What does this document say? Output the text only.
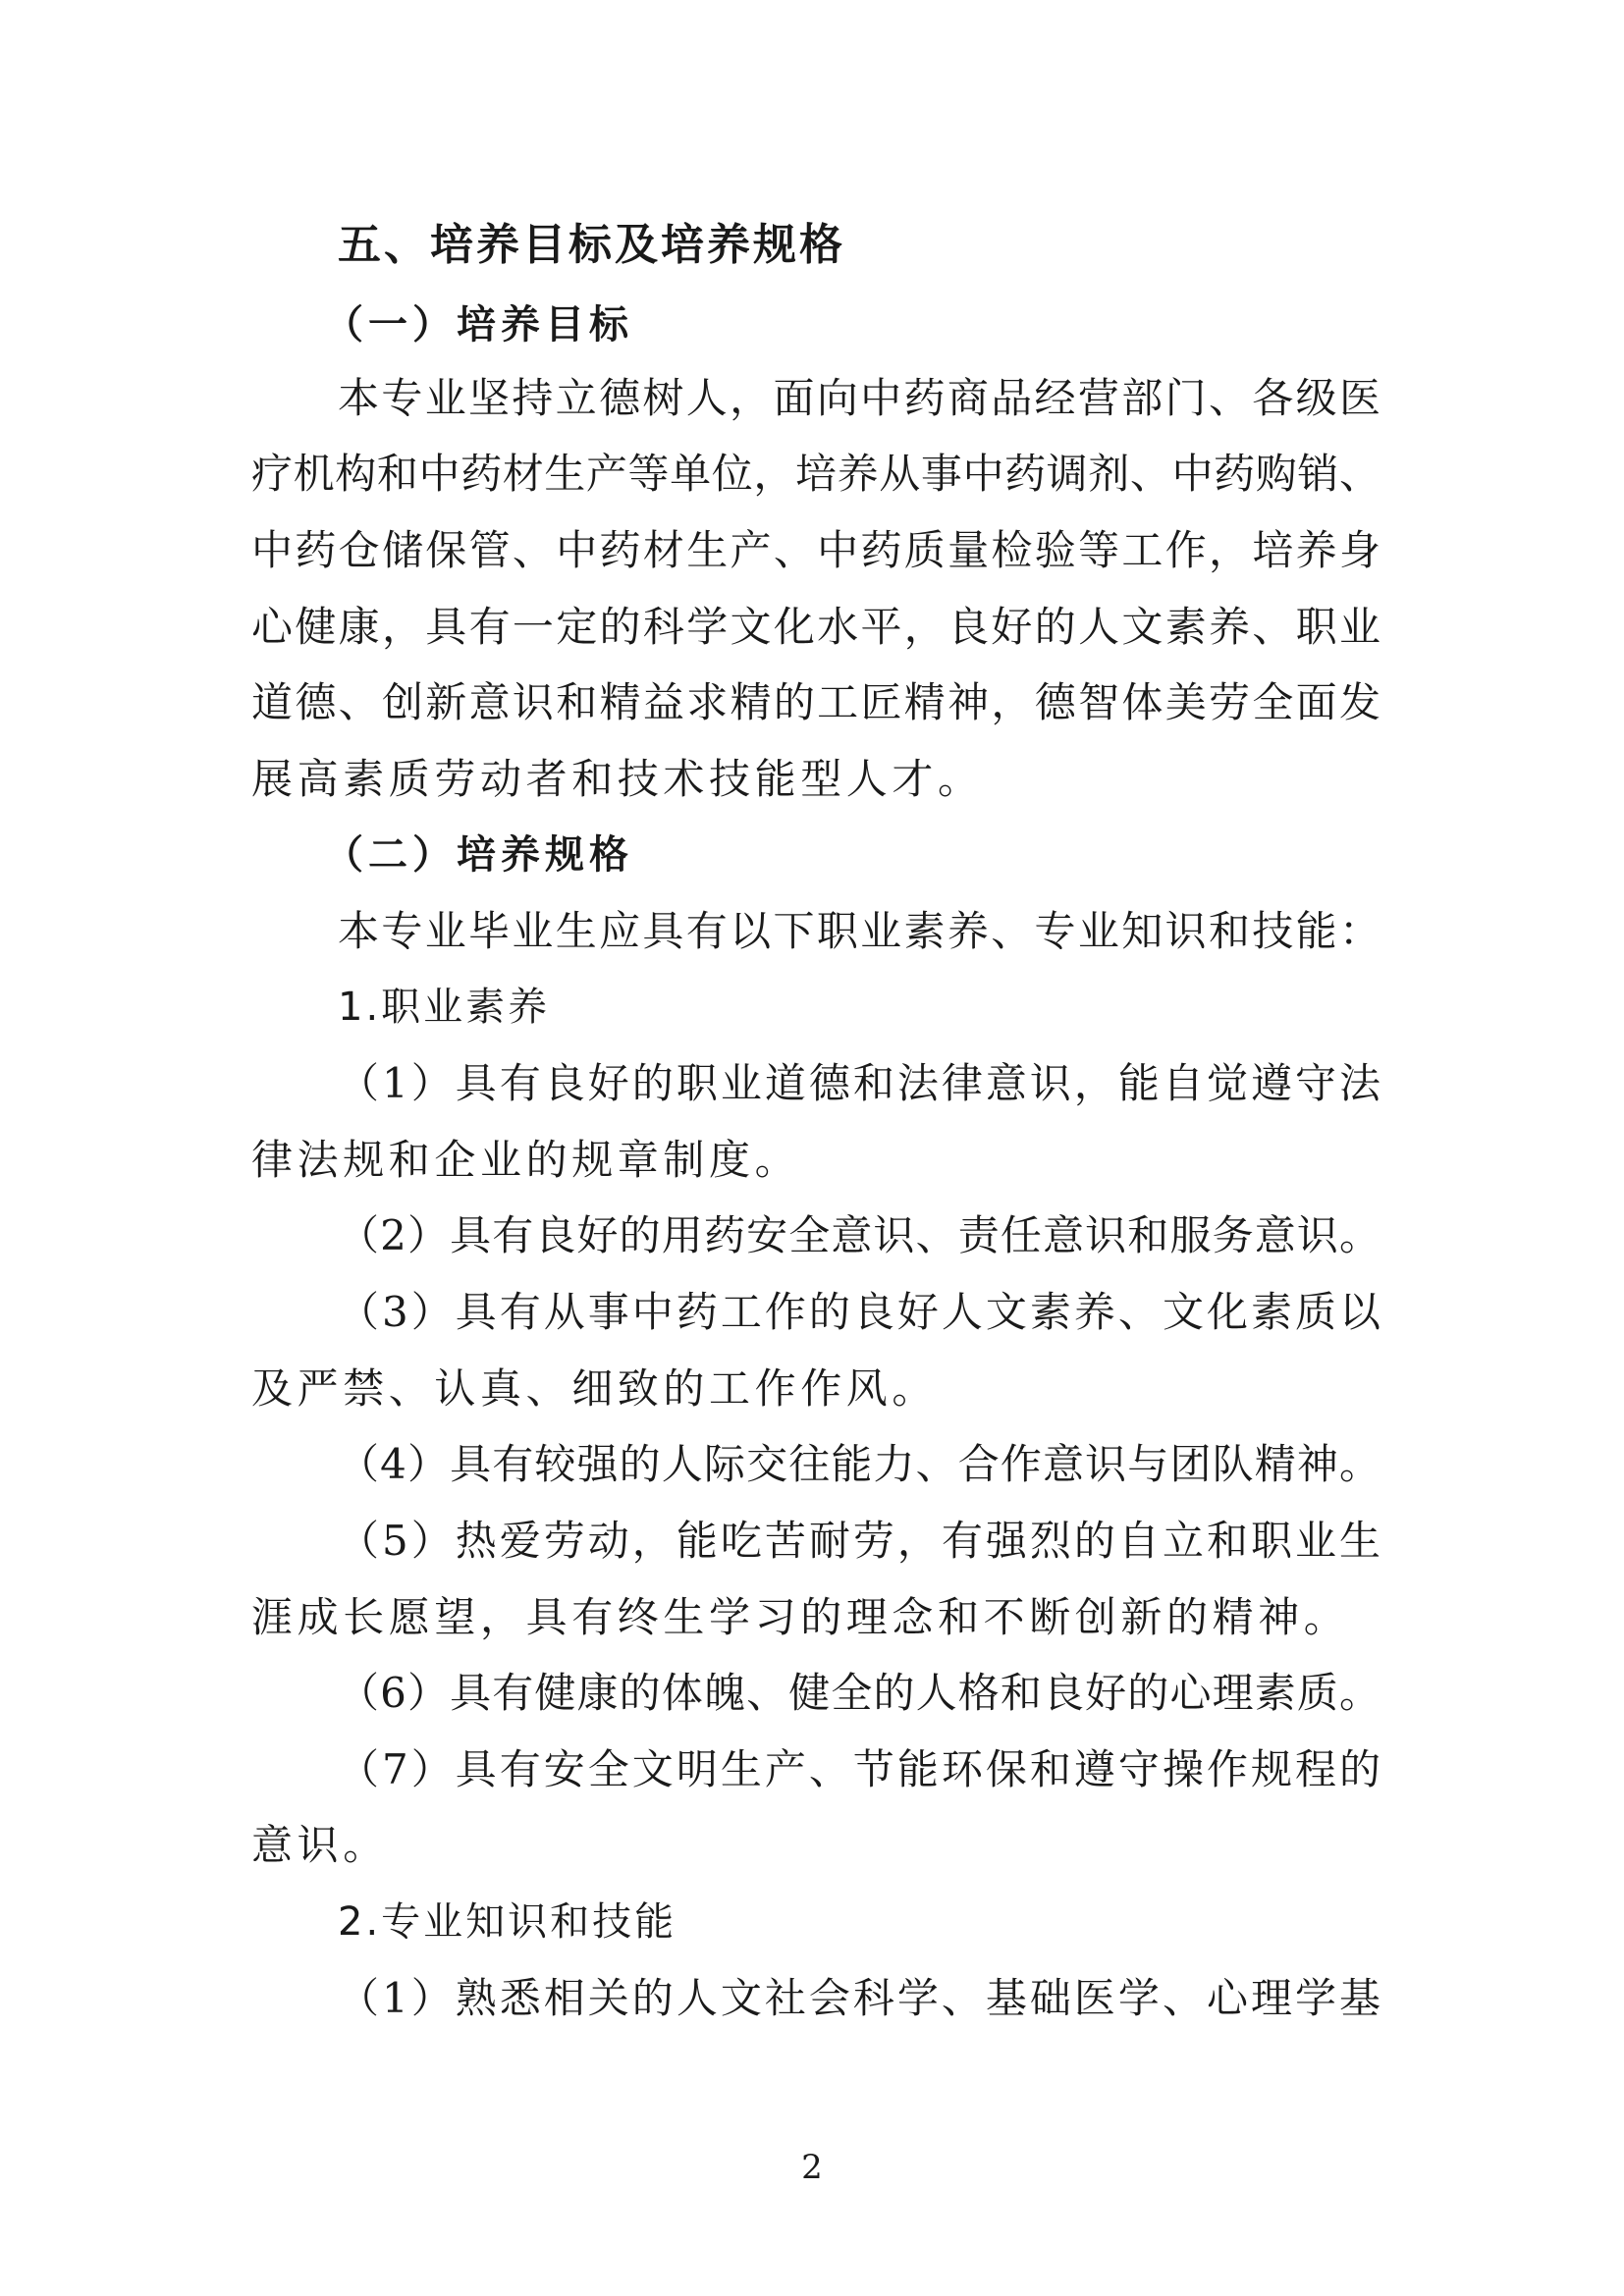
五、培养目标及培养规格
（一）培养目标
本专业坚持立德树人，面向中药商品经营部门、各级医
疗机构和中药材生产等单位，培养从事中药调剂、中药购销、
中药仓储保管、中药材生产、中药质量检验等工作，培养身
心健康，具有一定的科学文化水平，良好的人文素养、职业
道德、创新意识和精益求精的工匠精神，德智体美劳全面发
展高素质劳动者和技术技能型人才。
（二）培养规格
本专业毕业生应具有以下职业素养、专业知识和技能：
1.职业素养
（1）具有良好的职业道德和法律意识，能自觉遵守法
律法规和企业的规章制度。
（2）具有良好的用药安全意识、责任意识和服务意识。
（3）具有从事中药工作的良好人文素养、文化素质以
及严禁、认真、细致的工作作风。
（4）具有较强的人际交往能力、合作意识与团队精神。
（5）热爱劳动，能吃苦耐劳，有强烈的自立和职业生
涯成长愿望，具有终生学习的理念和不断创新的精神。
（6）具有健康的体魄、健全的人格和良好的心理素质。
（7）具有安全文明生产、节能环保和遵守操作规程的
意识。
2.专业知识和技能
（1）熟悉相关的人文社会科学、基础医学、心理学基
2
